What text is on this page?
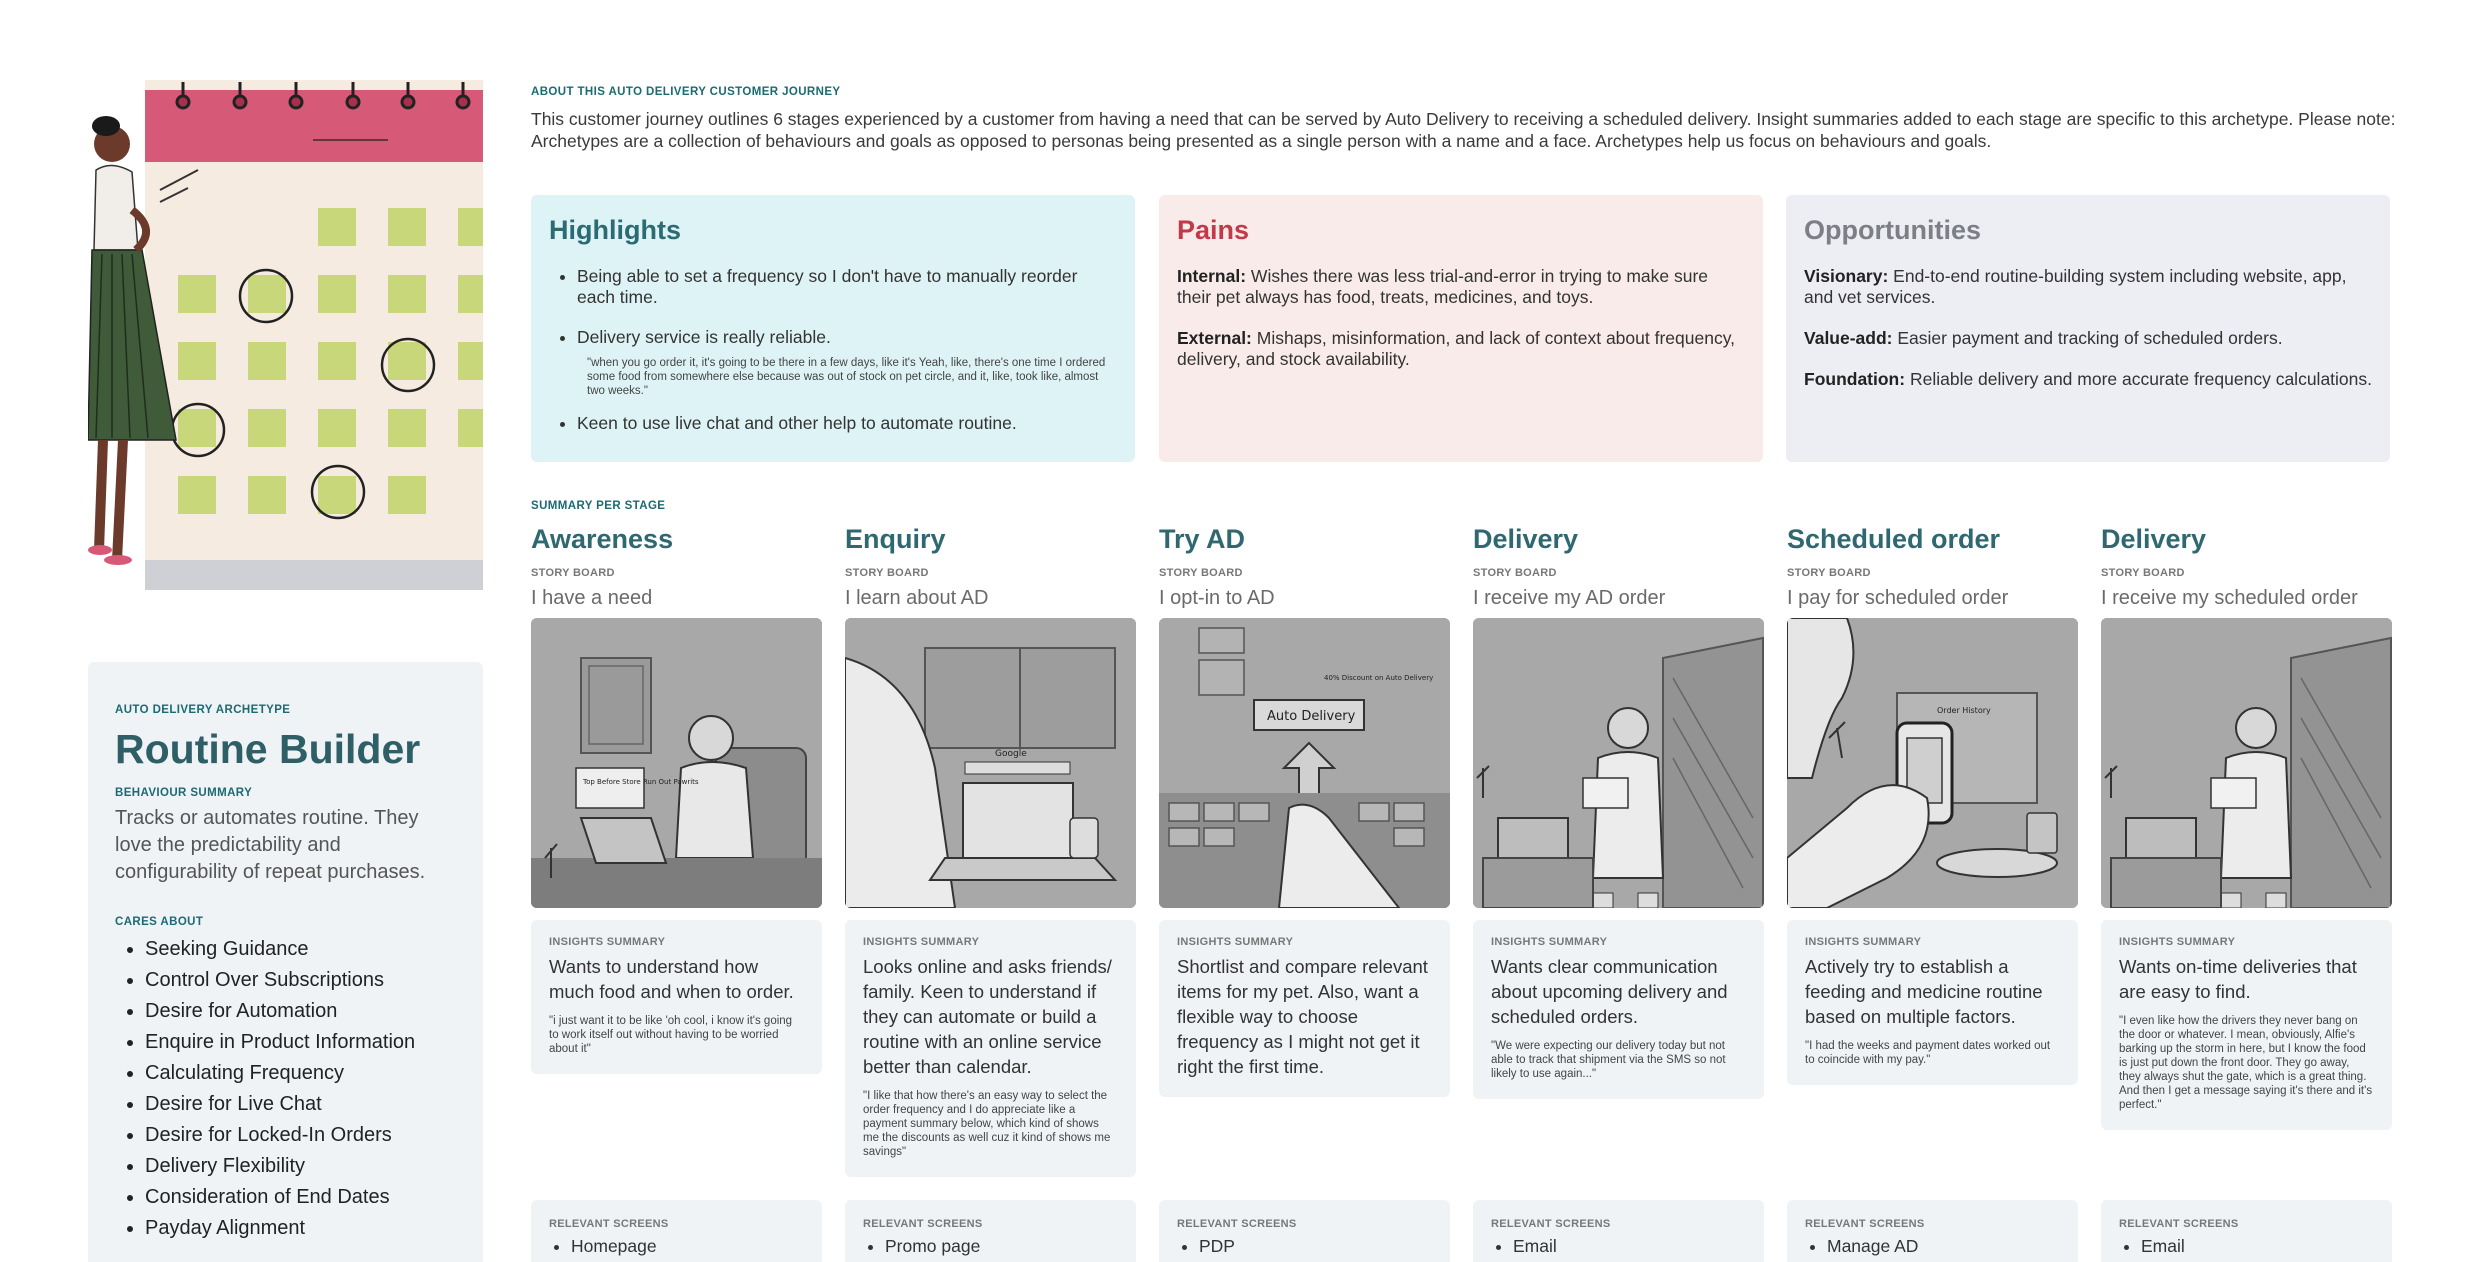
AUTO DELIVERY ARCHETYPE
Routine Builder
BEHAVIOUR SUMMARY
Tracks or automates routine. They love the predictability and configurability of repeat purchases.
CARES ABOUT
• Seeking Guidance
• Control Over Subscriptions
• Desire for Automation
• Enquire in Product Information
• Calculating Frequency
• Desire for Live Chat
• Desire for Locked-In Orders
• Delivery Flexibility
• Consideration of End Dates
• Payday Alignment
ABOUT THIS AUTO DELIVERY CUSTOMER JOURNEY
This customer journey outlines 6 stages experienced by a customer from having a need that can be served by Auto Delivery to receiving a scheduled delivery. Insight summaries added to each stage are specific to this archetype. Please note: Archetypes are a collection of behaviours and goals as opposed to personas being presented as a single person with a name and a face. Archetypes help us focus on behaviours and goals.
Highlights
• Being able to set a frequency so I don't have to manually reorder each time.
• Delivery service is really reliable.
"when you go order it, it's going to be there in a few days, like it's Yeah, like, there's one time I ordered some food from somewhere else because was out of stock on pet circle, and it, like, took like, almost two weeks."
• Keen to use live chat and other help to automate routine.
Pains

Internal: Wishes there was less trial-and-error in trying to make sure their pet always has food, treats, medicines, and toys.

External: Mishaps, misinformation, and lack of context about frequency, delivery, and stock availability.

Opportunities

Visionary: End-to-end routine-building system including website, app, and vet services.

Value-add: Easier payment and tracking of scheduled orders.

Foundation: Reliable delivery and more accurate frequency calculations.

SUMMARY PER STAGE
Awareness
STORY BOARD
I have a need
Top Before Store Run Out Pawrits
INSIGHTS SUMMARY
Wants to understand how much food and when to order.
"i just want it to be like 'oh cool, i know it's going to work itself out without having to be worried about it"
RELEVANT SCREENS
• Homepage
Enquiry
STORY BOARD
I learn about AD
Google
INSIGHTS SUMMARY
Looks online and asks friends/ family. Keen to understand if they can automate or build a routine with an online service better than calendar.
"I like that how there's an easy way to select the order frequency and I do appreciate like a payment summary below, which kind of shows me the discounts as well cuz it kind of shows me savings"
RELEVANT SCREENS
• Promo page
Try AD
STORY BOARD
I opt-in to AD
40% Discount on Auto Delivery
Auto Delivery
INSIGHTS SUMMARY
Shortlist and compare relevant items for my pet. Also, want a flexible way to choose frequency as I might not get it right the first time.
RELEVANT SCREENS
• PDP
Delivery
STORY BOARD
I receive my AD order
INSIGHTS SUMMARY
Wants clear communication about upcoming delivery and scheduled orders.
"We were expecting our delivery today but not able to track that shipment via the SMS so not likely to use again..."
RELEVANT SCREENS
• Email
Scheduled order
STORY BOARD
I pay for scheduled order
Order History
INSIGHTS SUMMARY
Actively try to establish a feeding and medicine routine based on multiple factors.
"I had the weeks and payment dates worked out to coincide with my pay."
RELEVANT SCREENS
• Manage AD
Delivery
STORY BOARD
I receive my scheduled order
INSIGHTS SUMMARY
Wants on-time deliveries that are easy to find.
"I even like how the drivers they never bang on the door or whatever. I mean, obviously, Alfie's barking up the storm in here, but I know the food is just put down the front door. They go away, they always shut the gate, which is a great thing. And then I get a message saying it's there and it's perfect."
RELEVANT SCREENS
• Email
